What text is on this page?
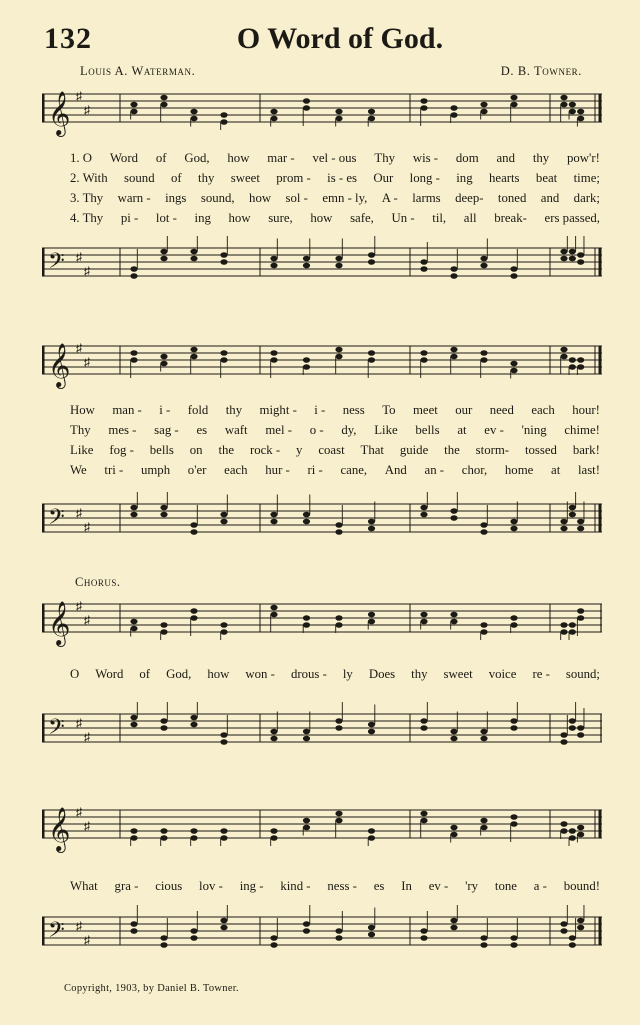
132	O Word of God.
Louis A. Waterman.	D. B. Towner.
𝄞 ♯
♯
1. O Word of God, how mar - vel - ous Thy wis - dom and thy pow'r!
2. With sound of thy sweet prom - is - es Our long - ing hearts beat time;
3. Thy warn - ings sound, how sol - emn - ly, A - larms deep- toned and dark;
4. Thy pi - lot - ing how sure, how safe, Un - til, all break- ers passed,
𝄢 ♯
♯
𝄞 ♯
♯
How man - i - fold thy might - i - ness To meet our need each hour!
Thy mes - sag - es waft mel - o - dy, Like bells at ev - 'ning chime!
Like fog - bells on the rock - y coast That guide the storm- tossed bark!
We tri - umph o'er each hur - ri - cane, And an - chor, home at last!
𝄢 ♯
♯
Chorus.
𝄞 ♯
♯
O Word of God, how won - drous - ly Does thy sweet voice re - sound;
𝄢 ♯
♯
𝄞 ♯
♯
What gra - cious lov - ing - kind - ness - es In ev - 'ry tone a - bound!
𝄢 ♯
♯
Copyright, 1903, by Daniel B. Towner.
